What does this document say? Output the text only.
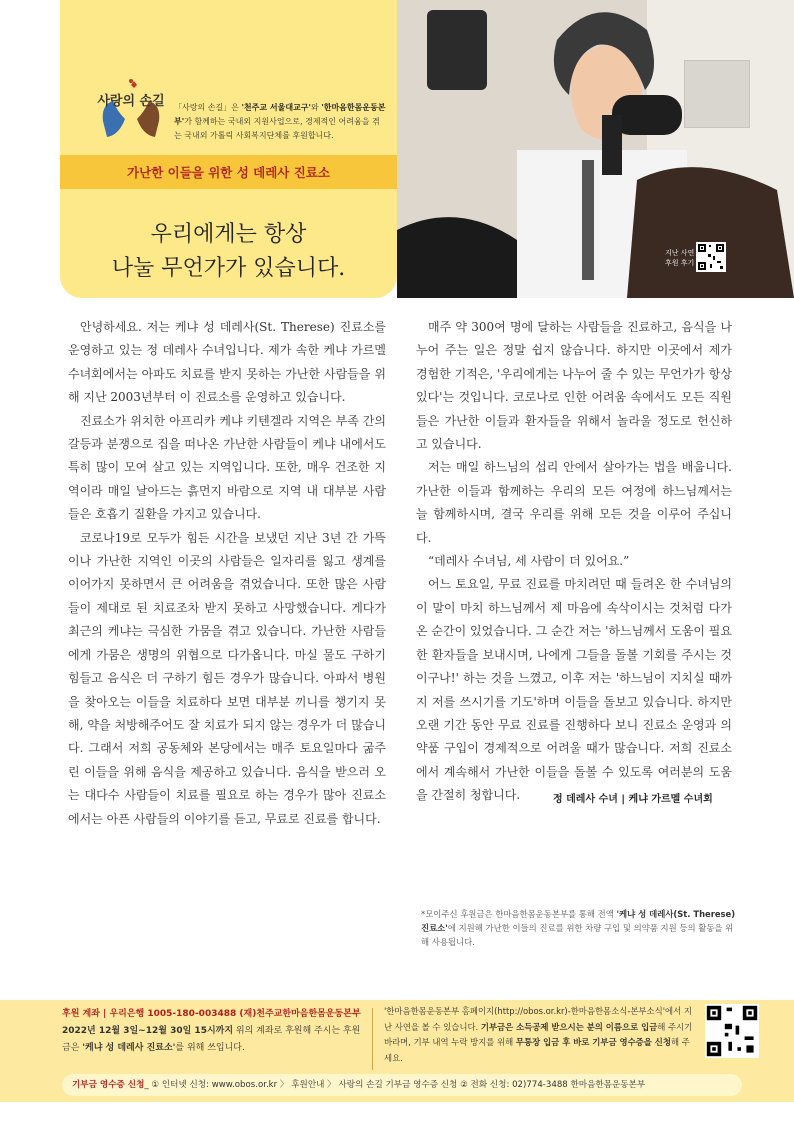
사랑의 손길 「사랑의 손길」은 '천주교 서울대교구'와 '한마음한몸운동본부'가 함께하는 국내외 지원사업으로, 경제적인 어려움을 겪는 국내외 가톨릭 사회복지단체를 후원합니다.
가난한 이들을 위한 성 데레사 진료소
우리에게는 항상
나눌 무언가가 있습니다.
지난 사연
후원 후기

안녕하세요. 저는 케냐 성 데레사(St. Therese) 진료소를 운영하고 있는 정 데레사 수녀입니다. 제가 속한 케냐 가르멜수녀회에서는 아파도 치료를 받지 못하는 가난한 사람들을 위해 지난 2003년부터 이 진료소를 운영하고 있습니다.

진료소가 위치한 아프리카 케냐 키텐겔라 지역은 부족 간의 갈등과 분쟁으로 집을 떠나온 가난한 사람들이 케냐 내에서도 특히 많이 모여 살고 있는 지역입니다. 또한, 매우 건조한 지역이라 매일 날아드는 흙먼지 바람으로 지역 내 대부분 사람들은 호흡기 질환을 가지고 있습니다.

코로나19로 모두가 힘든 시간을 보냈던 지난 3년 간 가뜩이나 가난한 지역인 이곳의 사람들은 일자리를 잃고 생계를 이어가지 못하면서 큰 어려움을 겪었습니다. 또한 많은 사람들이 제대로 된 치료조차 받지 못하고 사망했습니다. 게다가 최근의 케냐는 극심한 가뭄을 겪고 있습니다. 가난한 사람들에게 가뭄은 생명의 위협으로 다가옵니다. 마실 물도 구하기 힘들고 음식은 더 구하기 힘든 경우가 많습니다. 아파서 병원을 찾아오는 이들을 치료하다 보면 대부분 끼니를 챙기지 못해, 약을 처방해주어도 잘 치료가 되지 않는 경우가 더 많습니다. 그래서 저희 공동체와 본당에서는 매주 토요일마다 굶주린 이들을 위해 음식을 제공하고 있습니다. 음식을 받으러 오는 대다수 사람들이 치료를 필요로 하는 경우가 많아 진료소에서는 아픈 사람들의 이야기를 듣고, 무료로 진료를 합니다.

매주 약 300여 명에 달하는 사람들을 진료하고, 음식을 나누어 주는 일은 정말 쉽지 않습니다. 하지만 이곳에서 제가 경험한 기적은, '우리에게는 나누어 줄 수 있는 무언가가 항상 있다'는 것입니다. 코로나로 인한 어려움 속에서도 모든 직원들은 가난한 이들과 환자들을 위해서 놀라울 정도로 헌신하고 있습니다.

저는 매일 하느님의 섭리 안에서 살아가는 법을 배웁니다. 가난한 이들과 함께하는 우리의 모든 여정에 하느님께서는 늘 함께하시며, 결국 우리를 위해 모든 것을 이루어 주십니다.

“데레사 수녀님, 세 사람이 더 있어요.”

어느 토요일, 무료 진료를 마치려던 때 들려온 한 수녀님의 이 말이 마치 하느님께서 제 마음에 속삭이시는 것처럼 다가온 순간이 있었습니다. 그 순간 저는 '하느님께서 도움이 필요한 환자들을 보내시며, 나에게 그들을 돌볼 기회를 주시는 것이구나!' 하는 것을 느꼈고, 이후 저는 '하느님이 지치실 때까지 저를 쓰시기를 기도'하며 이들을 돌보고 있습니다. 하지만 오랜 기간 동안 무료 진료를 진행하다 보니 진료소 운영과 의약품 구입이 경제적으로 어려울 때가 많습니다. 저희 진료소에서 계속해서 가난한 이들을 돌볼 수 있도록 여러분의 도움을 간절히 청합니다.	정 데레사 수녀 | 케냐 가르멜 수녀회
*모이주신 후원금은 한마음한몸운동본부를 통해 전액 '케냐 성 데레사(St. Therese) 진료소'에 지원해 가난한 이들의 진료를 위한 차량 구입 및 의약품 지원 등의 활동을 위해 사용됩니다.
후원 계좌 | 우리은행 1005-180-003488 (재)천주교한마음한몸운동본부
2022년 12월 3일~12월 30일 15시까지 위의 계좌로 후원해 주시는 후원금은 '케냐 성 데레사 진료소'를 위해 쓰입니다.
'한마음한몸운동본부 홈페이지(http://obos.or.kr)-한마음한몸소식-본부소식'에서 지난 사연을 볼 수 있습니다. 기부금은 소득공제 받으시는 분의 이름으로 입금해 주시기 바라며, 기부 내역 누락 방지를 위해 무통장 입금 후 바로 기부금 영수증을 신청해 주세요.
기부금 영수증 신청_ ① 인터넷 신청: www.obos.or.kr 〉 후원안내 〉 사랑의 손길 기부금 영수증 신청 ② 전화 신청: 02)774-3488 한마음한몸운동본부
